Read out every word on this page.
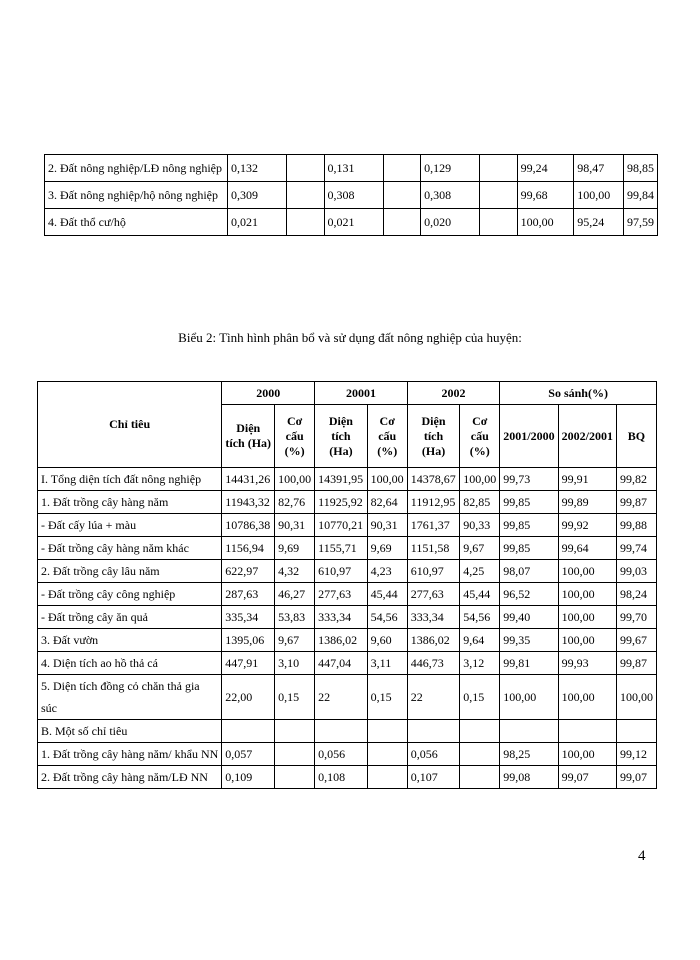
2. Đất nông nghiệp/LĐ nông nghiệp	0,132		0,131		0,129		99,24	98,47	98,85
3. Đất nông nghiệp/hộ nông nghiệp	0,309		0,308		0,308		99,68	100,00	99,84
4. Đất thổ cư/hộ	0,021		0,021		0,020		100,00	95,24	97,59
Biểu 2: Tình hình phân bổ và sử dụng đất nông nghiệp của huyện:
Chỉ tiêu	2000		20001		2002		So sánh(%)		
	Diện tích (Ha)	Cơ cấu (%)	Diện tích (Ha)	Cơ cấu (%)	Diện tích (Ha)	Cơ cấu (%)	2001/2000	2002/2001	BQ
I. Tổng diện tích đất nông nghiệp	14431,26	100,00	14391,95	100,00	14378,67	100,00	99,73	99,91	99,82
1. Đất trồng cây hàng năm	11943,32	82,76	11925,92	82,64	11912,95	82,85	99,85	99,89	99,87
- Đất cấy lúa + màu	10786,38	90,31	10770,21	90,31	1761,37	90,33	99,85	99,92	99,88
- Đất trồng cây hàng năm khác	1156,94	9,69	1155,71	9,69	1151,58	9,67	99,85	99,64	99,74
2. Đất trồng cây lâu năm	622,97	4,32	610,97	4,23	610,97	4,25	98,07	100,00	99,03
- Đất trồng cây công nghiệp	287,63	46,27	277,63	45,44	277,63	45,44	96,52	100,00	98,24
- Đất trồng cây ăn quả	335,34	53,83	333,34	54,56	333,34	54,56	99,40	100,00	99,70
3. Đất vườn	1395,06	9,67	1386,02	9,60	1386,02	9,64	99,35	100,00	99,67
4. Diện tích ao hồ thả cá	447,91	3,10	447,04	3,11	446,73	3,12	99,81	99,93	99,87
5. Diện tích đồng cỏ chăn thả gia súc	22,00	0,15	22	0,15	22	0,15	100,00	100,00	100,00
B. Một số chỉ tiêu									
1. Đất trồng cây hàng năm/ khẩu NN	0,057		0,056		0,056		98,25	100,00	99,12
2. Đất trồng cây hàng năm/LĐ NN	0,109		0,108		0,107		99,08	99,07	99,07
4
